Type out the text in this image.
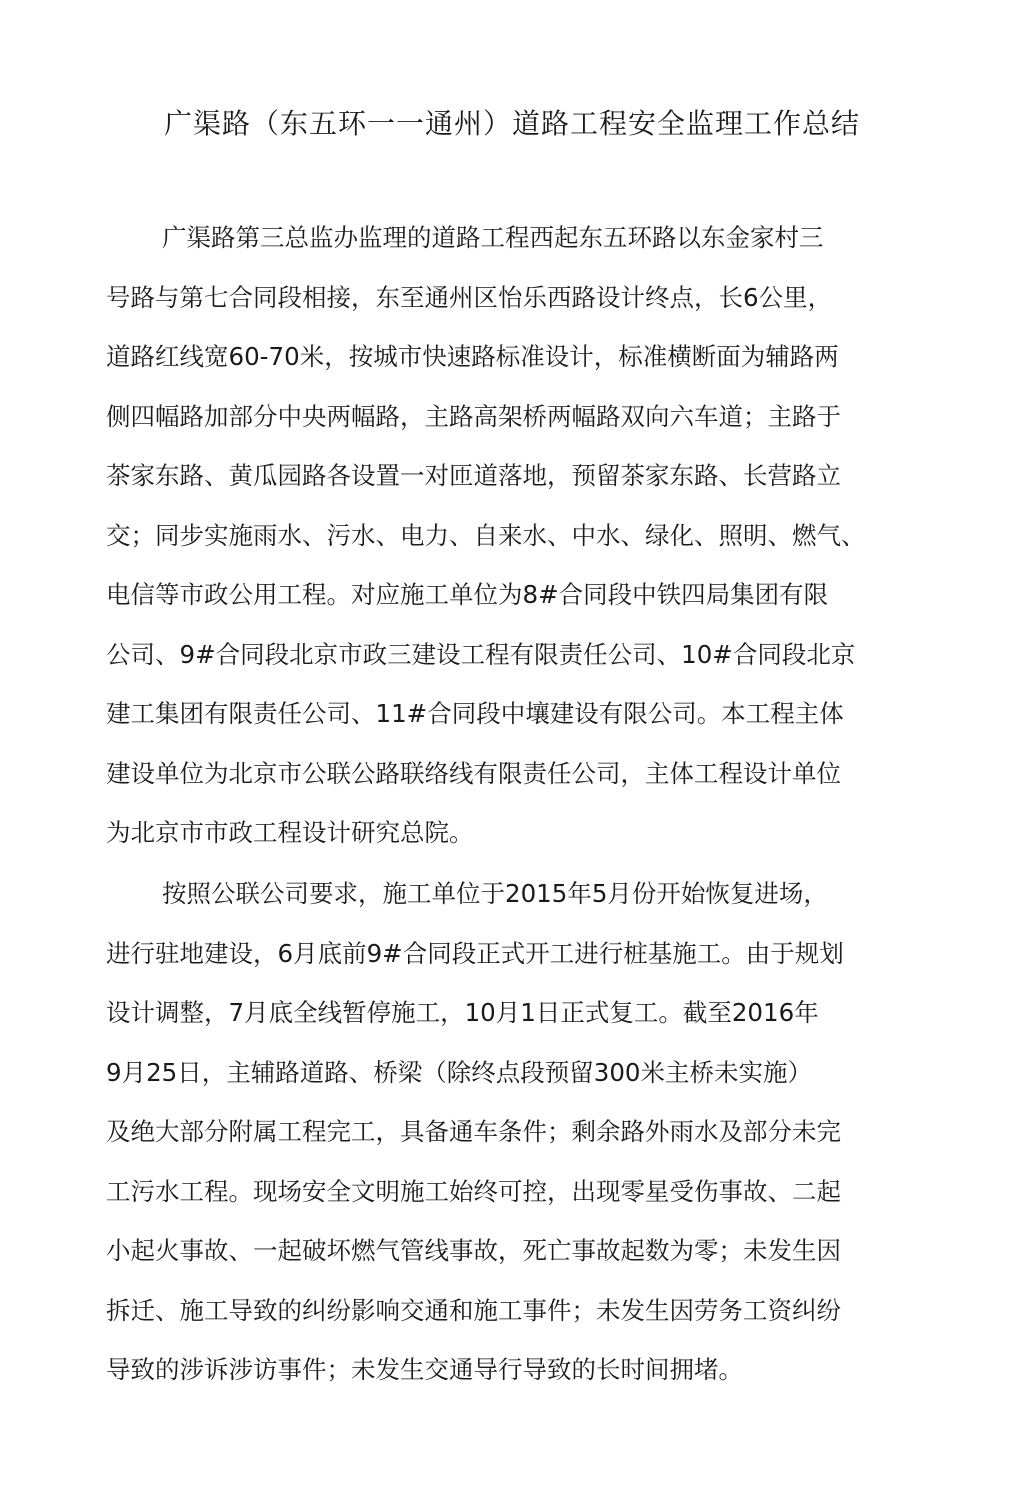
广渠路（东五环一一通州）道路工程安全监理工作总结
广渠路第三总监办监理的道路工程西起东五环路以东金家村三
号路与第七合同段相接，东至通州区怡乐西路设计终点，长6公里，
道路红线宽60-70米，按城市快速路标准设计，标准横断面为辅路两
侧四幅路加部分中央两幅路，主路高架桥两幅路双向六车道；主路于
茶家东路、黄瓜园路各设置一对匝道落地，预留茶家东路、长营路立
交；同步实施雨水、污水、电力、自来水、中水、绿化、照明、燃气、
电信等市政公用工程。对应施工单位为8#合同段中铁四局集团有限
公司、9#合同段北京市政三建设工程有限责任公司、10#合同段北京
建工集团有限责任公司、11#合同段中壤建设有限公司。本工程主体
建设单位为北京市公联公路联络线有限责任公司，主体工程设计单位
为北京市市政工程设计研究总院。
按照公联公司要求，施工单位于2015年5月份开始恢复进场，
进行驻地建设，6月底前9#合同段正式开工进行桩基施工。由于规划
设计调整，7月底全线暂停施工，10月1日正式复工。截至2016年
9月25日，主辅路道路、桥梁（除终点段预留300米主桥未实施）
及绝大部分附属工程完工，具备通车条件；剩余路外雨水及部分未完
工污水工程。现场安全文明施工始终可控，出现零星受伤事故、二起
小起火事故、一起破坏燃气管线事故，死亡事故起数为零；未发生因
拆迁、施工导致的纠纷影响交通和施工事件；未发生因劳务工资纠纷
导致的涉诉涉访事件；未发生交通导行导致的长时间拥堵。
